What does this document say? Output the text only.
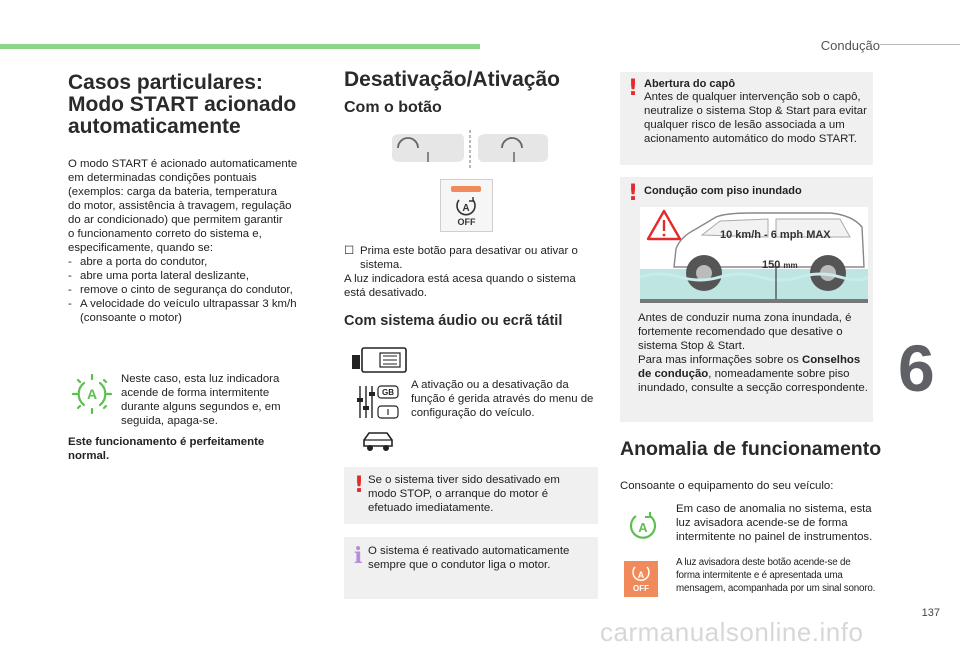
Condução
6
137
carmanualsonline.info
Casos particulares:
Modo START acionado
automaticamente
O modo START é acionado automaticamente
em determinadas condições pontuais
(exemplos: carga da bateria, temperatura
do motor, assistência à travagem, regulação
do ar condicionado) que permitem garantir
o funcionamento correto do sistema e,
especificamente, quando se:
- abre a porta do condutor,
- abre uma porta lateral deslizante,
- remove o cinto de segurança do condutor,
- A velocidade do veículo ultrapassar 3 km/h (consoante o motor)
A
Neste caso, esta luz indicadora acende de forma intermitente durante alguns segundos e, em seguida, apaga-se.
Este funcionamento é perfeitamente normal.
Desativação/Ativação
Com o botão
A
OFF
☐ Prima este botão para desativar ou ativar o sistema.
A luz indicadora está acesa quando o sistema está desativado.
Com sistema áudio ou ecrã tátil
GB
I
A ativação ou a desativação da função é gerida através do menu de configuração do veículo.
! Se o sistema tiver sido desativado em modo STOP, o arranque do motor é efetuado imediatamente.
i O sistema é reativado automaticamente sempre que o condutor liga o motor.
! Abertura do capô
Antes de qualquer intervenção sob o capô, neutralize o sistema Stop & Start para evitar qualquer risco de lesão associada a um acionamento automático do modo START.
! Condução com piso inundado
10 km/h - 6 mph MAX
150 mm
Antes de conduzir numa zona inundada, é fortemente recomendado que desative o sistema Stop & Start.
Para mas informações sobre os Conselhos de condução, nomeadamente sobre piso inundado, consulte a secção correspondente.
Anomalia de funcionamento
Consoante o equipamento do seu veículo:
A
Em caso de anomalia no sistema, esta luz avisadora acende-se de forma intermitente no painel de instrumentos.
A
OFF
A luz avisadora deste botão acende-se de forma intermitente e é apresentada uma mensagem, acompanhada por um sinal sonoro.
